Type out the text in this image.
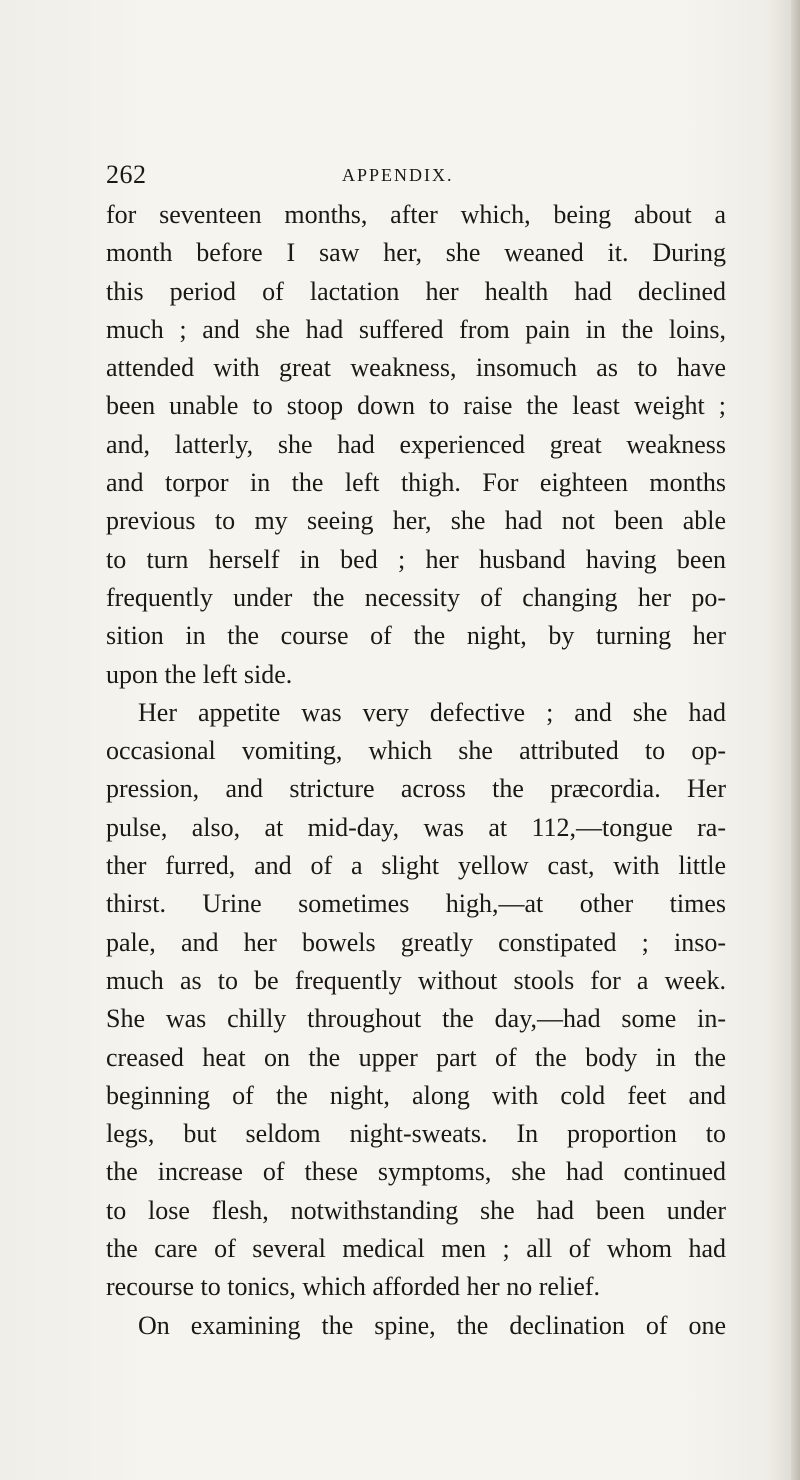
262	APPENDIX.
for seventeen months, after which, being about a
month before I saw her, she weaned it. During
this period of lactation her health had declined
much ; and she had suffered from pain in the loins,
attended with great weakness, insomuch as to have
been unable to stoop down to raise the least weight ;
and, latterly, she had experienced great weakness
and torpor in the left thigh. For eighteen months
previous to my seeing her, she had not been able
to turn herself in bed ; her husband having been
frequently under the necessity of changing her po-
sition in the course of the night, by turning her
upon the left side.
Her appetite was very defective ; and she had
occasional vomiting, which she attributed to op-
pression, and stricture across the præcordia. Her
pulse, also, at mid-day, was at 112,—tongue ra-
ther furred, and of a slight yellow cast, with little
thirst. Urine sometimes high,—at other times
pale, and her bowels greatly constipated ; inso-
much as to be frequently without stools for a week.
She was chilly throughout the day,—had some in-
creased heat on the upper part of the body in the
beginning of the night, along with cold feet and
legs, but seldom night-sweats. In proportion to
the increase of these symptoms, she had continued
to lose flesh, notwithstanding she had been under
the care of several medical men ; all of whom had
recourse to tonics, which afforded her no relief.
On examining the spine, the declination of one
